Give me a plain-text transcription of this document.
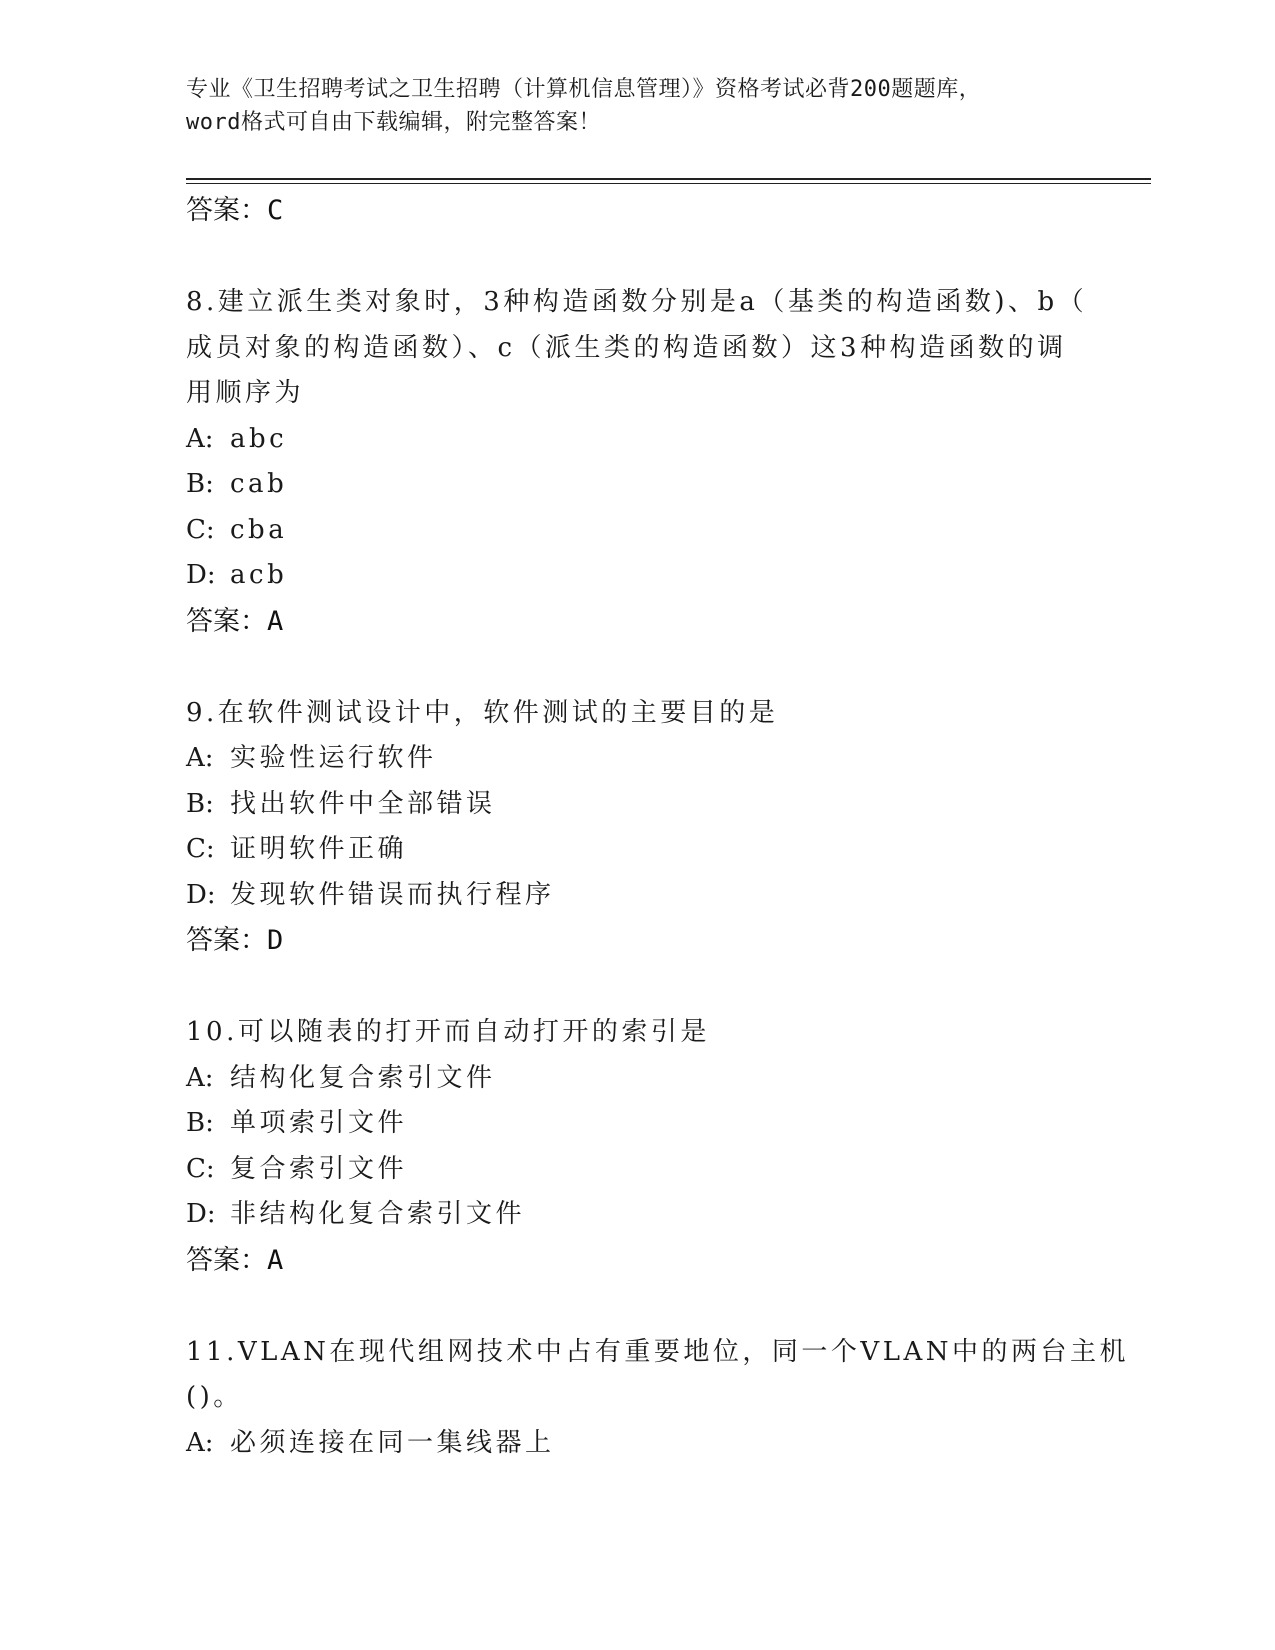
专业《卫生招聘考试之卫生招聘（计算机信息管理）》资格考试必背200题题库，
word格式可自由下载编辑，附完整答案！
答案：C
8.建立派生类对象时，3种构造函数分别是a（基类的构造函数)、b（
成员对象的构造函数）、c（派生类的构造函数）这3种构造函数的调
用顺序为
A: abc
B: cab
C: cba
D: acb
答案：A
9.在软件测试设计中，软件测试的主要目的是
A: 实验性运行软件
B: 找出软件中全部错误
C: 证明软件正确
D: 发现软件错误而执行程序
答案：D
10.可以随表的打开而自动打开的索引是
A: 结构化复合索引文件
B: 单项索引文件
C: 复合索引文件
D: 非结构化复合索引文件
答案：A
11.VLAN在现代组网技术中占有重要地位，同一个VLAN中的两台主机
()。
A: 必须连接在同一集线器上
